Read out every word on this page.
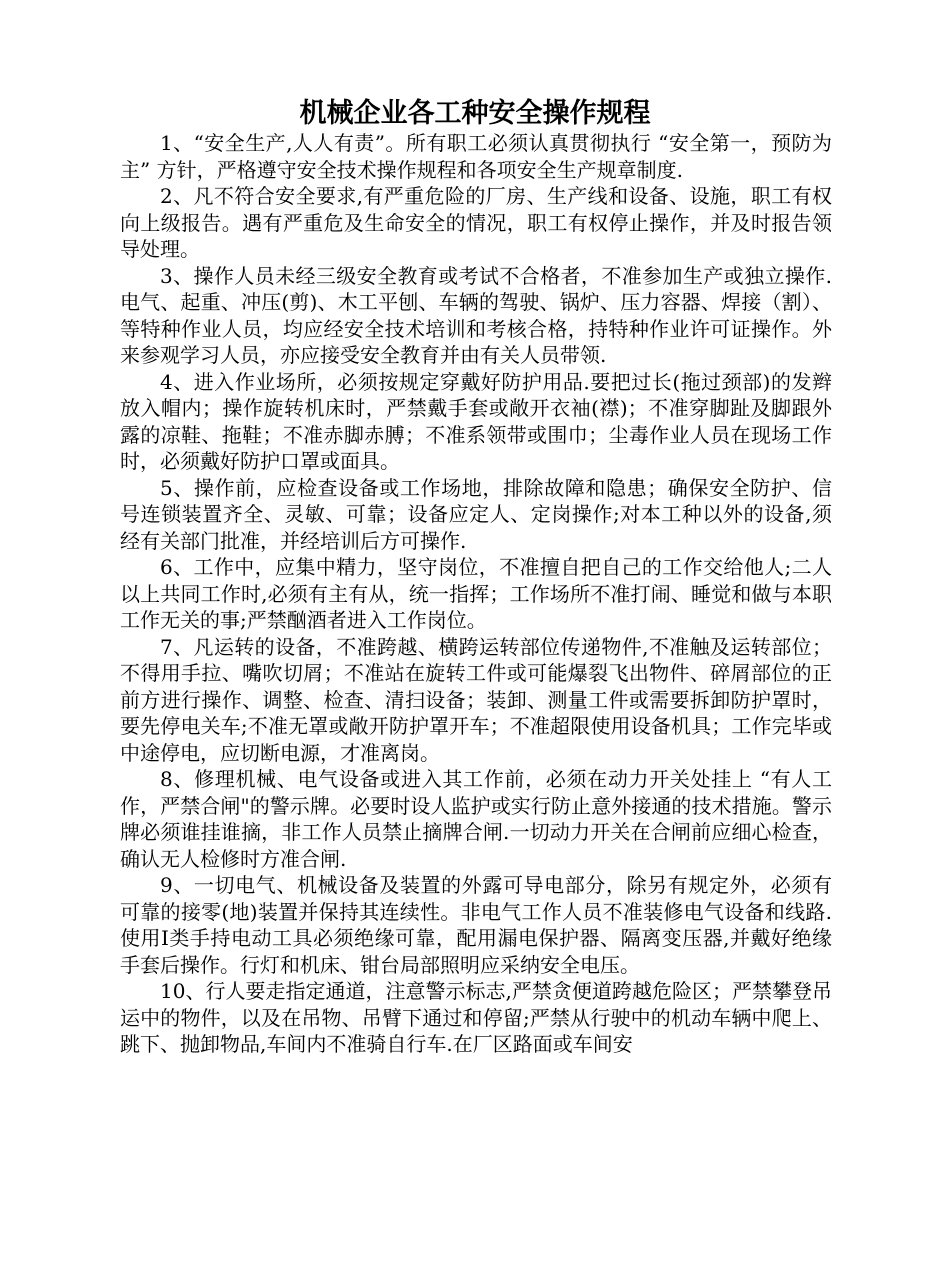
机械企业各工种安全操作规程

1、“安全生产,人人有责”。所有职工必须认真贯彻执行 “安全第一，预防为主” 方针，严格遵守安全技术操作规程和各项安全生产规章制度.

2、凡不符合安全要求,有严重危险的厂房、生产线和设备、设施，职工有权向上级报告。遇有严重危及生命安全的情况，职工有权停止操作，并及时报告领导处理。

3、操作人员未经三级安全教育或考试不合格者，不准参加生产或独立操作.电气、起重、冲压(剪)、木工平刨、车辆的驾驶、锅炉、压力容器、焊接（割）、等特种作业人员，均应经安全技术培训和考核合格，持特种作业许可证操作。外来参观学习人员，亦应接受安全教育并由有关人员带领.

4、进入作业场所，必须按规定穿戴好防护用品.要把过长(拖过颈部)的发辫放入帽内；操作旋转机床时，严禁戴手套或敞开衣袖(襟)；不准穿脚趾及脚跟外露的凉鞋、拖鞋；不准赤脚赤膊；不准系领带或围巾；尘毒作业人员在现场工作时，必须戴好防护口罩或面具。

5、操作前，应检查设备或工作场地，排除故障和隐患；确保安全防护、信号连锁装置齐全、灵敏、可靠；设备应定人、定岗操作;对本工种以外的设备,须经有关部门批准，并经培训后方可操作.

6、工作中，应集中精力，坚守岗位，不准擅自把自己的工作交给他人;二人以上共同工作时,必须有主有从，统一指挥；工作场所不准打闹、睡觉和做与本职工作无关的事;严禁酗酒者进入工作岗位。

7、凡运转的设备，不准跨越、横跨运转部位传递物件,不准触及运转部位；不得用手拉、嘴吹切屑；不准站在旋转工件或可能爆裂飞出物件、碎屑部位的正前方进行操作、调整、检查、清扫设备；装卸、测量工件或需要拆卸防护罩时，要先停电关车;不准无罩或敞开防护罩开车；不准超限使用设备机具；工作完毕或中途停电，应切断电源，才准离岗。

8、修理机械、电气设备或进入其工作前，必须在动力开关处挂上 “有人工作，严禁合闸"的警示牌。必要时设人监护或实行防止意外接通的技术措施。警示牌必须谁挂谁摘，非工作人员禁止摘牌合闸.一切动力开关在合闸前应细心检查，确认无人检修时方准合闸.

9、一切电气、机械设备及装置的外露可导电部分，除另有规定外，必须有可靠的接零(地)装置并保持其连续性。非电气工作人员不准装修电气设备和线路.使用Ⅰ类手持电动工具必须绝缘可靠，配用漏电保护器、隔离变压器,并戴好绝缘手套后操作。行灯和机床、钳台局部照明应采纳安全电压。

10、行人要走指定通道，注意警示标志,严禁贪便道跨越危险区；严禁攀登吊运中的物件，以及在吊物、吊臂下通过和停留;严禁从行驶中的机动车辆中爬上、跳下、抛卸物品,车间内不准骑自行车.在厂区路面或车间安
